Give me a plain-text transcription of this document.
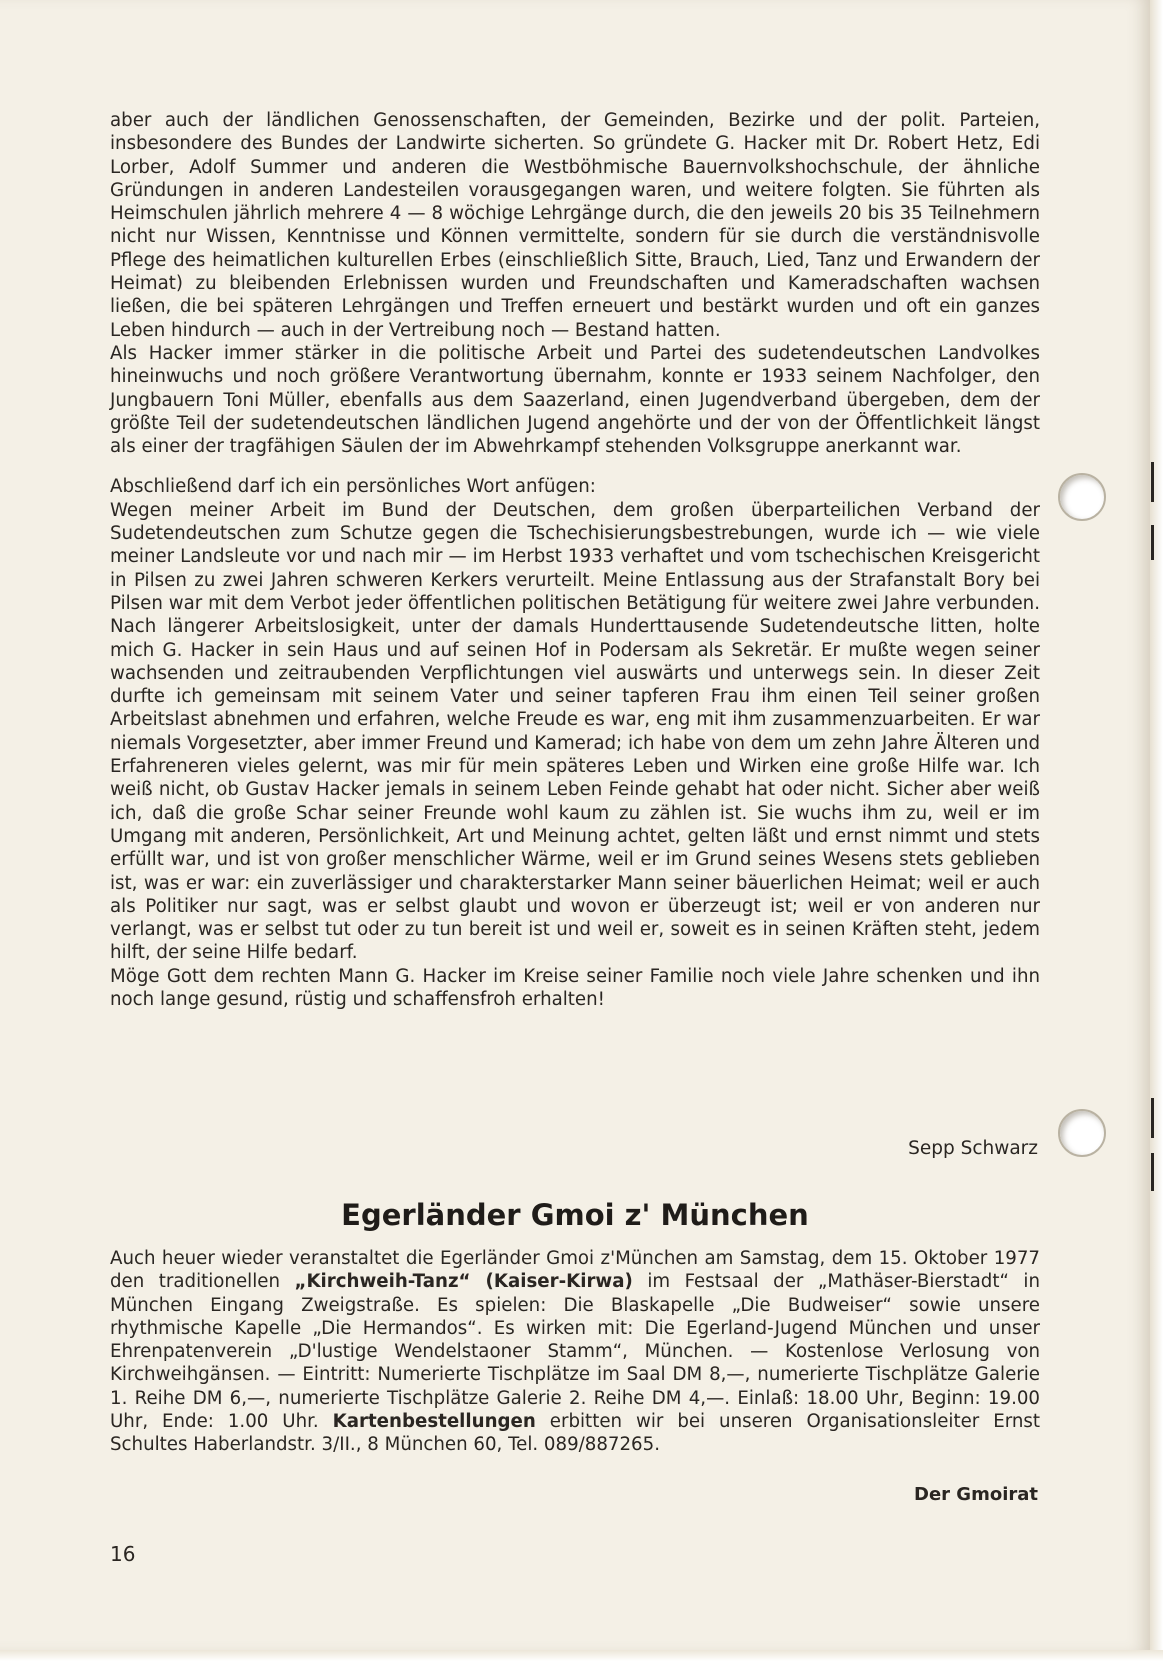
aber auch der ländlichen Genossenschaften, der Gemeinden, Bezirke und der polit. Parteien, insbesondere des Bundes der Landwirte sicherten. So gründete G. Hacker mit Dr. Robert Hetz, Edi Lorber, Adolf Summer und anderen die Westböhmische Bauernvolkshochschule, der ähnliche Gründungen in anderen Landesteilen vorausgegangen waren, und weitere folgten. Sie führten als Heimschulen jährlich mehrere 4 — 8 wöchige Lehrgänge durch, die den jeweils 20 bis 35 Teilnehmern nicht nur Wissen, Kenntnisse und Können vermittelte, sondern für sie durch die verständnisvolle Pflege des heimatlichen kulturellen Erbes (einschließlich Sitte, Brauch, Lied, Tanz und Erwandern der Heimat) zu bleibenden Erlebnissen wurden und Freundschaften und Kameradschaften wachsen ließen, die bei späteren Lehrgängen und Treffen erneuert und bestärkt wurden und oft ein ganzes Leben hindurch — auch in der Vertreibung noch — Bestand hatten.

Als Hacker immer stärker in die politische Arbeit und Partei des sudetendeutschen Landvolkes hineinwuchs und noch größere Verantwortung übernahm, konnte er 1933 seinem Nachfolger, den Jungbauern Toni Müller, ebenfalls aus dem Saazerland, einen Jugendverband übergeben, dem der größte Teil der sudetendeutschen ländlichen Jugend angehörte und der von der Öffentlichkeit längst als einer der tragfähigen Säulen der im Abwehrkampf stehenden Volksgruppe anerkannt war.

Abschließend darf ich ein persönliches Wort anfügen:

Wegen meiner Arbeit im Bund der Deutschen, dem großen überparteilichen Verband der Sudetendeutschen zum Schutze gegen die Tschechisierungsbestrebungen, wurde ich — wie viele meiner Landsleute vor und nach mir — im Herbst 1933 verhaftet und vom tschechischen Kreisgericht in Pilsen zu zwei Jahren schweren Kerkers verurteilt. Meine Entlassung aus der Strafanstalt Bory bei Pilsen war mit dem Verbot jeder öffentlichen politischen Betätigung für weitere zwei Jahre verbunden. Nach längerer Arbeitslosigkeit, unter der damals Hunderttausende Sudetendeutsche litten, holte mich G. Hacker in sein Haus und auf seinen Hof in Podersam als Sekretär. Er mußte wegen seiner wachsenden und zeitraubenden Verpflichtungen viel auswärts und unterwegs sein. In dieser Zeit durfte ich gemeinsam mit seinem Vater und seiner tapferen Frau ihm einen Teil seiner großen Arbeitslast abnehmen und erfahren, welche Freude es war, eng mit ihm zusammenzuarbeiten. Er war niemals Vorgesetzter, aber immer Freund und Kamerad; ich habe von dem um zehn Jahre Älteren und Erfahreneren vieles gelernt, was mir für mein späteres Leben und Wirken eine große Hilfe war. Ich weiß nicht, ob Gustav Hacker jemals in seinem Leben Feinde gehabt hat oder nicht. Sicher aber weiß ich, daß die große Schar seiner Freunde wohl kaum zu zählen ist. Sie wuchs ihm zu, weil er im Umgang mit anderen, Persönlichkeit, Art und Meinung achtet, gelten läßt und ernst nimmt und stets erfüllt war, und ist von großer menschlicher Wärme, weil er im Grund seines Wesens stets geblieben ist, was er war: ein zuverlässiger und charakterstarker Mann seiner bäuerlichen Heimat; weil er auch als Politiker nur sagt, was er selbst glaubt und wovon er überzeugt ist; weil er von anderen nur verlangt, was er selbst tut oder zu tun bereit ist und weil er, soweit es in seinen Kräften steht, jedem hilft, der seine Hilfe bedarf.

Möge Gott dem rechten Mann G. Hacker im Kreise seiner Familie noch viele Jahre schenken und ihn noch lange gesund, rüstig und schaffensfroh erhalten!

Sepp Schwarz
Egerländer Gmoi z' München

Auch heuer wieder veranstaltet die Egerländer Gmoi z'München am Samstag, dem 15. Oktober 1977 den traditionellen „Kirchweih-Tanz“ (Kaiser-Kirwa) im Festsaal der „Mathäser-Bierstadt“ in München Eingang Zweigstraße. Es spielen: Die Blaskapelle „Die Budweiser“ sowie unsere rhythmische Kapelle „Die Hermandos“. Es wirken mit: Die Egerland-Jugend München und unser Ehrenpatenverein „D'lustige Wendelstaoner Stamm“, München. — Kostenlose Verlosung von Kirchweihgänsen. — Eintritt: Numerierte Tischplätze im Saal DM 8,—, numerierte Tischplätze Galerie 1. Reihe DM 6,—, numerierte Tischplätze Galerie 2. Reihe DM 4,—. Einlaß: 18.00 Uhr, Beginn: 19.00 Uhr, Ende: 1.00 Uhr. Kartenbestellungen erbitten wir bei unseren Organisationsleiter Ernst Schultes Haberlandstr. 3/II., 8 München 60, Tel. 089/887265.

Der Gmoirat
16
